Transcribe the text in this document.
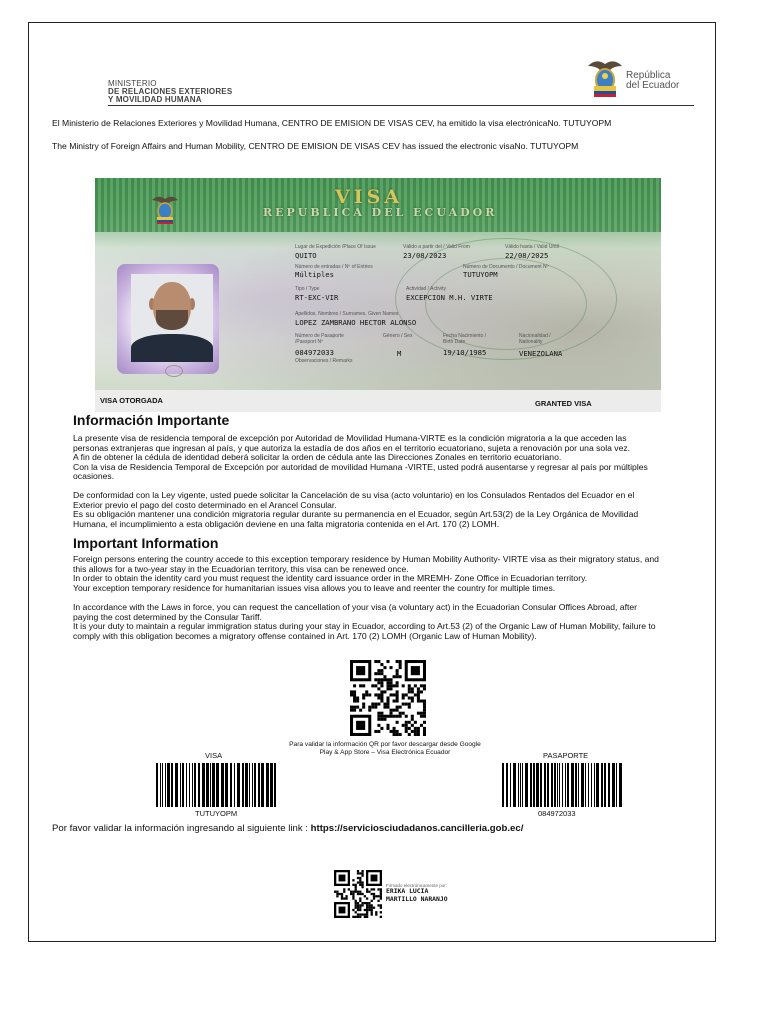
MINISTERIO
DE RELACIONES EXTERIORES
Y MOVILIDAD HUMANA
República
del Ecuador
El Ministerio de Relaciones Exteriores y Movilidad Humana, CENTRO DE EMISION DE VISAS CEV, ha emitido la visa electrónicaNo. TUTUYOPM
The Ministry of Foreign Affairs and Human Mobility, CENTRO DE EMISION DE VISAS CEV has issued the electronic visaNo. TUTUYOPM
VISA
REPUBLICA DEL ECUADOR
Lugar de Expedición /Place Of Issue
QUITO
Válido a partir del / Valid From
23/08/2023
Válido hasta / Valid Until
22/08/2025
Número de entradas / Nº of Entries
Múltiples
Número de Documento / Document Nº
TUTUYOPM
Tipo / Type
RT-EXC-VIR
Actividad / Activity
EXCEPCION M.H. VIRTE
Apellidos, Nombres / Surnames, Given Names
LOPEZ ZAMBRANO HECTOR ALONSO
Número de Pasaporte /Passport Nº
084972033
Género / Sex
M
Fecha Nacimiento / Birth Date
19/10/1985
Nacionalidad / Nationality
VENEZOLANA
Observaciones / Remarks
VISA OTORGADA	GRANTED VISA
Información Importante

La presente visa de residencia temporal de excepción por Autoridad de Movilidad Humana-VIRTE es la condición migratoria a la que acceden las

personas extranjeras que ingresan al país, y que autoriza la estadía de dos años en el territorio ecuatoriano, sujeta a renovación por una sola vez.

A fin de obtener la cédula de identidad deberá solicitar la orden de cédula ante las Direcciones Zonales en territorio ecuatoriano.

Con la visa de Residencia Temporal de Excepción por autoridad de movilidad Humana -VIRTE, usted podrá ausentarse y regresar al país por múltiples

ocasiones.

De conformidad con la Ley vigente, usted puede solicitar la Cancelación de su visa (acto voluntario) en los Consulados Rentados del Ecuador en el

Exterior previo el pago del costo determinado en el Arancel Consular.

Es su obligación mantener una condición migratoria regular durante su permanencia en el Ecuador, según Art.53(2) de la Ley Orgánica de Movilidad

Humana, el incumplimiento a esta obligación deviene en una falta migratoria contenida en el Art. 170 (2) LOMH.

Important Information

Foreign persons entering the country accede to this exception temporary residence by Human Mobility Authority- VIRTE visa as their migratory status, and

this allows for a two-year stay in the Ecuadorian territory, this visa can be renewed once.

In order to obtain the identity card you must request the identity card issuance order in the MREMH- Zone Office in Ecuadorian territory.

Your exception temporary residence for humanitarian issues visa allows you to leave and reenter the country for multiple times.

In accordance with the Laws in force, you can request the cancellation of your visa (a voluntary act) in the Ecuadorian Consular Offices Abroad, after

paying the cost determined by the Consular Tariff.

It is your duty to maintain a regular immigration status during your stay in Ecuador, according to Art.53 (2) of the Organic Law of Human Mobility, failure to

comply with this obligation becomes a migratory offense contained in Art. 170 (2) LOMH (Organic Law of Human Mobility).

Para validar la información QR por favor descargar desde Google
Play & App Store – Visa Electrónica Ecuador
VISA
TUTUYOPM
PASAPORTE
084972033
Por favor validar la información ingresando al siguiente link : https://serviciosciudadanos.cancilleria.gob.ec/
Firmado electrónicamente por:
ERIKA LUCIA
MARTILLO NARANJO
